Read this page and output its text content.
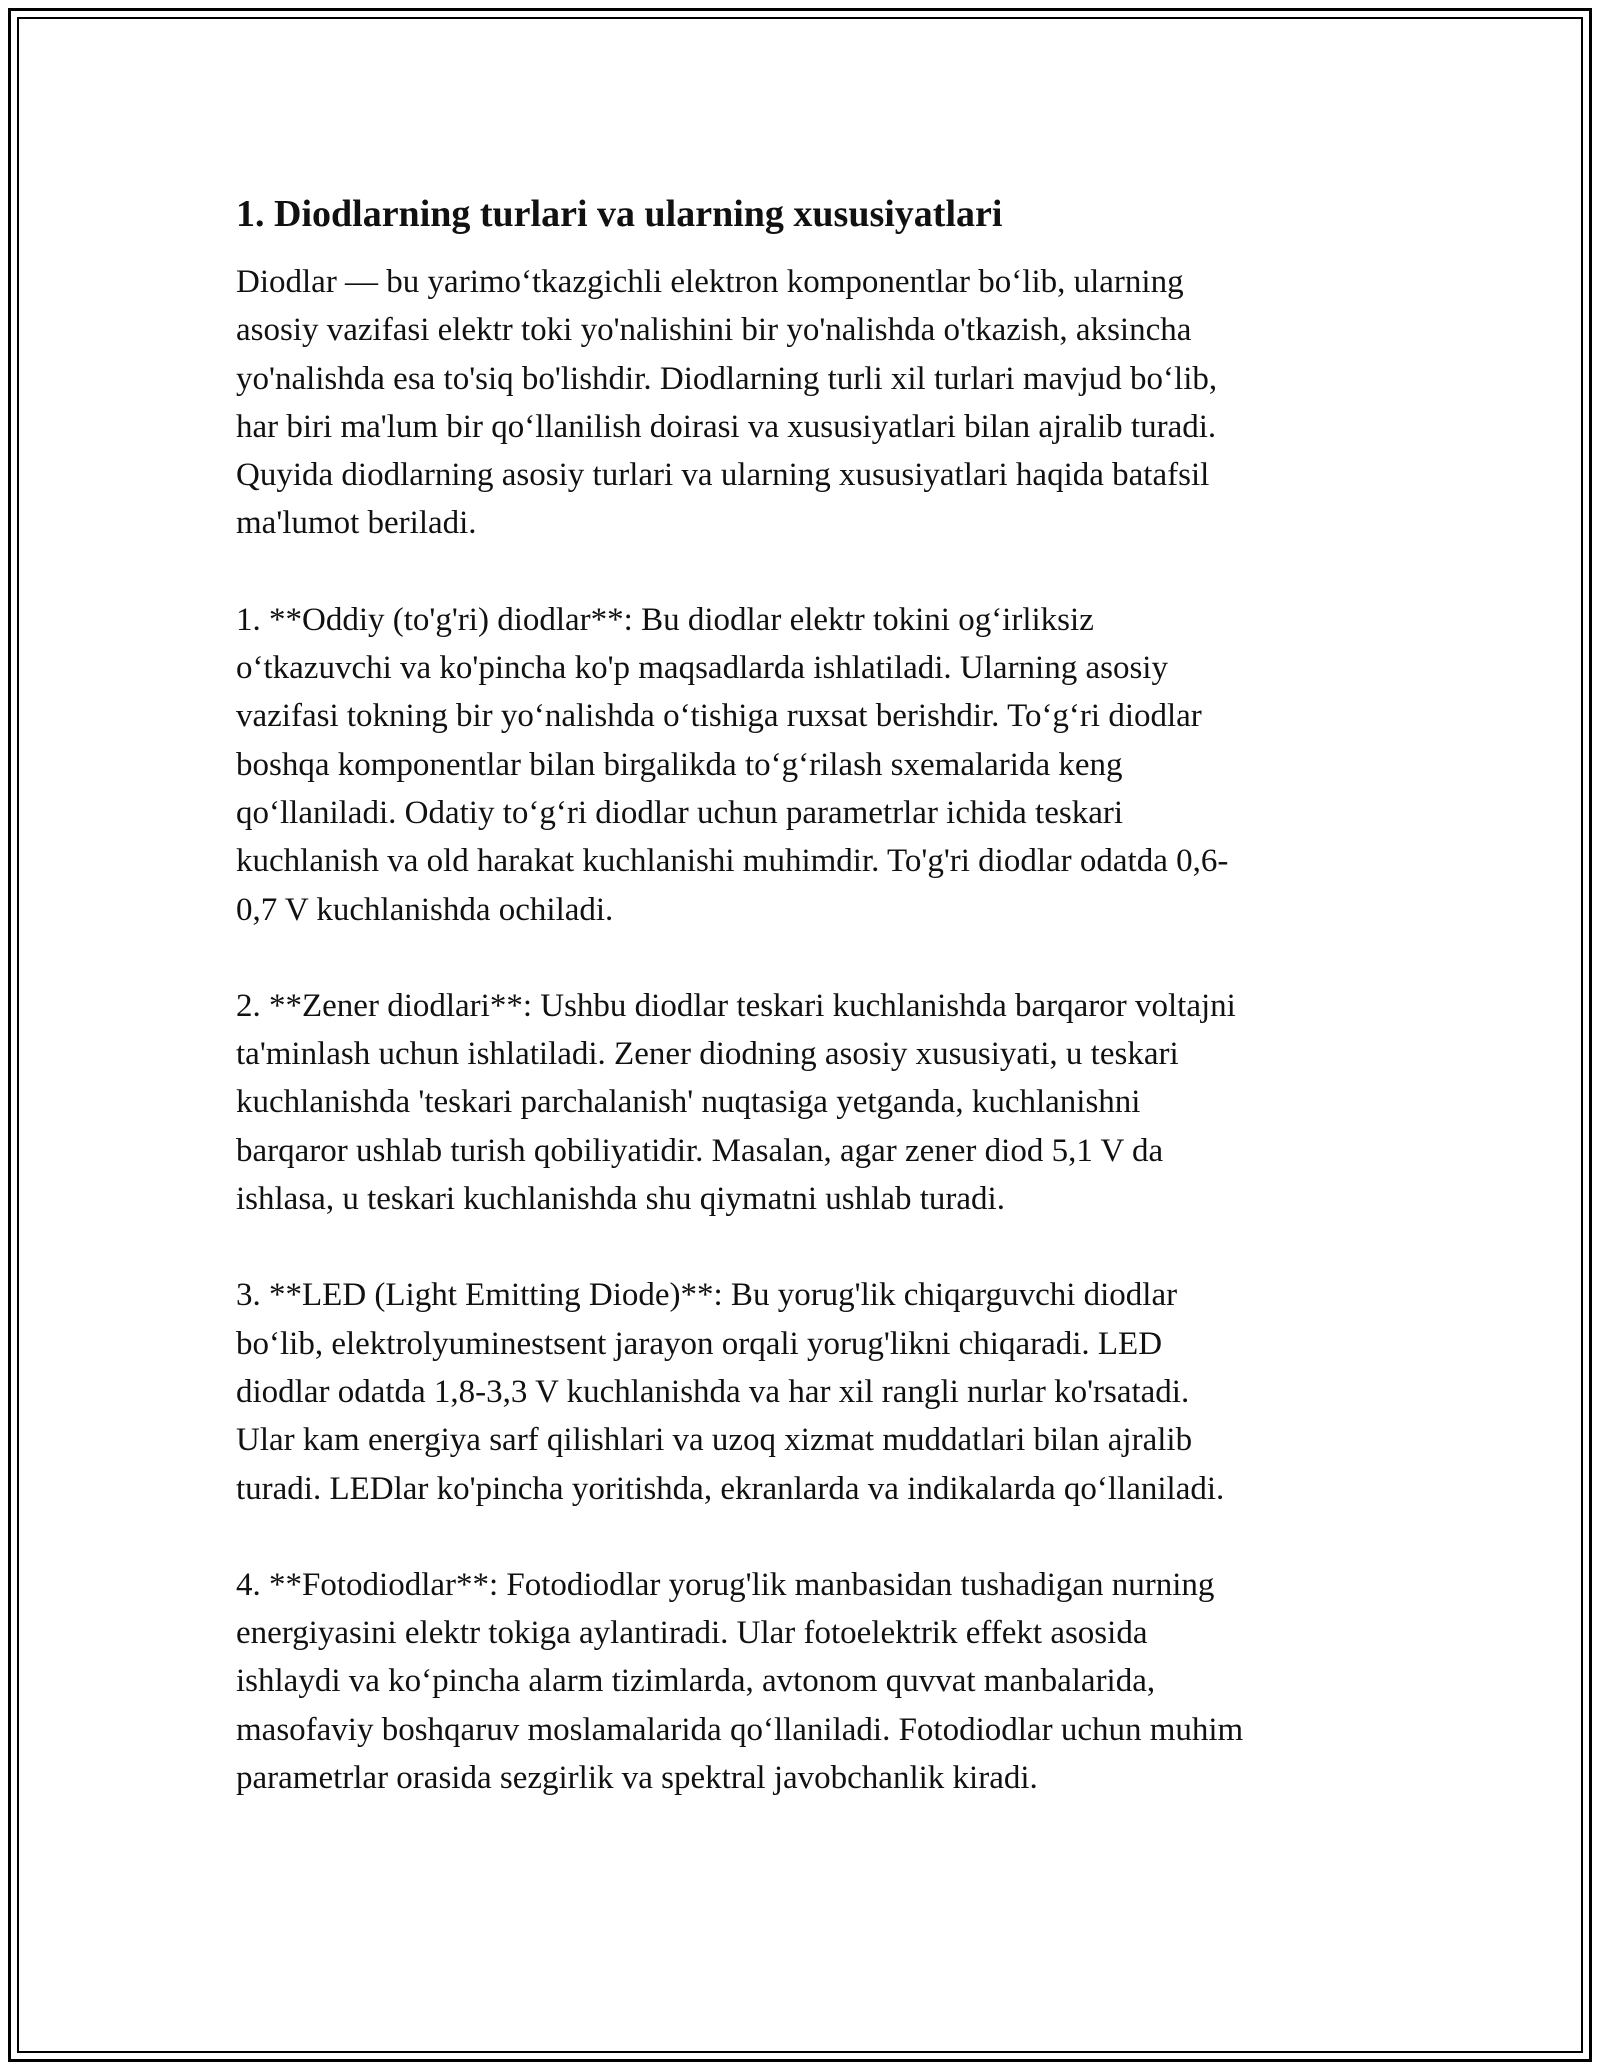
1. Diodlarning turlari va ularning xususiyatlari

Diodlar — bu yarimo‘tkazgichli elektron komponentlar bo‘lib, ularning
asosiy vazifasi elektr toki yo'nalishini bir yo'nalishda o'tkazish, aksincha
yo'nalishda esa to'siq bo'lishdir. Diodlarning turli xil turlari mavjud bo‘lib,
har biri ma'lum bir qo‘llanilish doirasi va xususiyatlari bilan ajralib turadi.
Quyida diodlarning asosiy turlari va ularning xususiyatlari haqida batafsil
ma'lumot beriladi.

1. **Oddiy (to'g'ri) diodlar**: Bu diodlar elektr tokini og‘irliksiz
o‘tkazuvchi va ko'pincha ko'p maqsadlarda ishlatiladi. Ularning asosiy
vazifasi tokning bir yo‘nalishda o‘tishiga ruxsat berishdir. To‘g‘ri diodlar
boshqa komponentlar bilan birgalikda to‘g‘rilash sxemalarida keng
qo‘llaniladi. Odatiy to‘g‘ri diodlar uchun parametrlar ichida teskari
kuchlanish va old harakat kuchlanishi muhimdir. To'g'ri diodlar odatda 0,6-
0,7 V kuchlanishda ochiladi.

2. **Zener diodlari**: Ushbu diodlar teskari kuchlanishda barqaror voltajni
ta'minlash uchun ishlatiladi. Zener diodning asosiy xususiyati, u teskari
kuchlanishda 'teskari parchalanish' nuqtasiga yetganda, kuchlanishni
barqaror ushlab turish qobiliyatidir. Masalan, agar zener diod 5,1 V da
ishlasa, u teskari kuchlanishda shu qiymatni ushlab turadi.

3. **LED (Light Emitting Diode)**: Bu yorug'lik chiqarguvchi diodlar
bo‘lib, elektrolyuminestsent jarayon orqali yorug'likni chiqaradi. LED
diodlar odatda 1,8-3,3 V kuchlanishda va har xil rangli nurlar ko'rsatadi.
Ular kam energiya sarf qilishlari va uzoq xizmat muddatlari bilan ajralib
turadi. LEDlar ko'pincha yoritishda, ekranlarda va indikalarda qo‘llaniladi.

4. **Fotodiodlar**: Fotodiodlar yorug'lik manbasidan tushadigan nurning
energiyasini elektr tokiga aylantiradi. Ular fotoelektrik effekt asosida
ishlaydi va ko‘pincha alarm tizimlarda, avtonom quvvat manbalarida,
masofaviy boshqaruv moslamalarida qo‘llaniladi. Fotodiodlar uchun muhim
parametrlar orasida sezgirlik va spektral javobchanlik kiradi.
